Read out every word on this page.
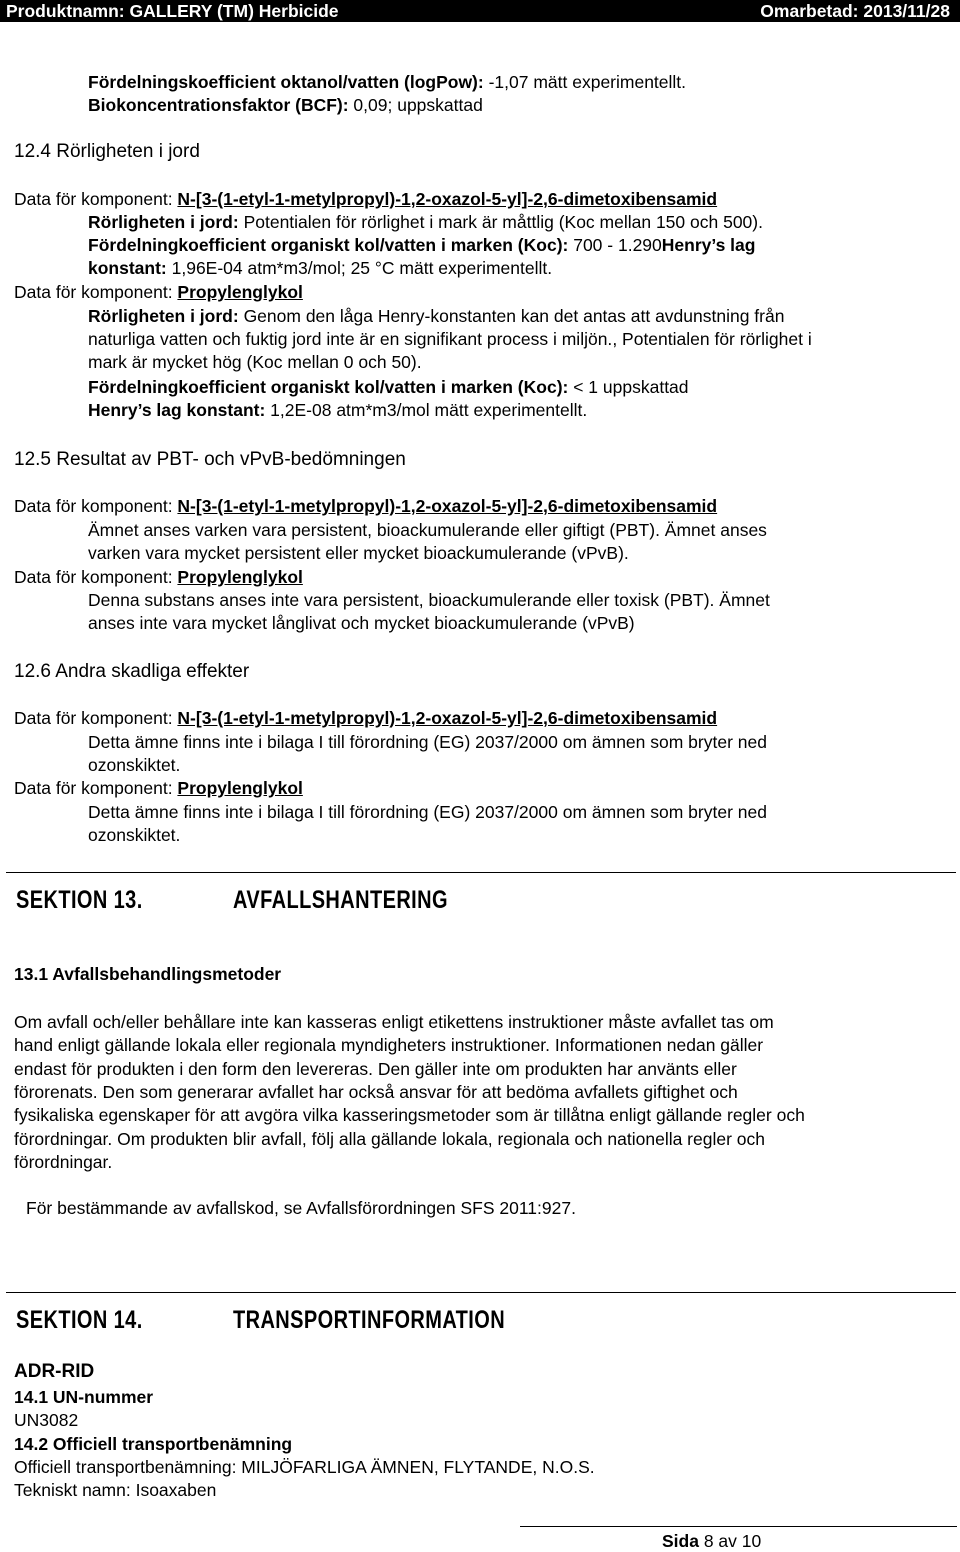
Produktnamn: GALLERY (TM) Herbicide	Omarbetad: 2013/11/28
Fördelningskoefficient oktanol/vatten (logPow): -1,07 mätt experimentellt.
Biokoncentrationsfaktor (BCF): 0,09; uppskattad
12.4 Rörligheten i jord
Data för komponent: N-[3-(1-etyl-1-metylpropyl)-1,2-oxazol-5-yl]-2,6-dimetoxibensamid
Rörligheten i jord: Potentialen för rörlighet i mark är måttlig (Koc mellan 150 och 500).
Fördelningkoefficient organiskt kol/vatten i marken (Koc): 700 - 1.290Henry’s lag
konstant: 1,96E-04 atm*m3/mol; 25 °C mätt experimentellt.
Data för komponent: Propylenglykol
Rörligheten i jord: Genom den låga Henry-konstanten kan det antas att avdunstning från
naturliga vatten och fuktig jord inte är en signifikant process i miljön., Potentialen för rörlighet i
mark är mycket hög (Koc mellan 0 och 50).
Fördelningkoefficient organiskt kol/vatten i marken (Koc): < 1 uppskattad
Henry’s lag konstant: 1,2E-08 atm*m3/mol mätt experimentellt.
12.5 Resultat av PBT- och vPvB-bedömningen
Data för komponent: N-[3-(1-etyl-1-metylpropyl)-1,2-oxazol-5-yl]-2,6-dimetoxibensamid
Ämnet anses varken vara persistent, bioackumulerande eller giftigt (PBT). Ämnet anses
varken vara mycket persistent eller mycket bioackumulerande (vPvB).
Data för komponent: Propylenglykol
Denna substans anses inte vara persistent, bioackumulerande eller toxisk (PBT). Ämnet
anses inte vara mycket långlivat och mycket bioackumulerande (vPvB)
12.6 Andra skadliga effekter
Data för komponent: N-[3-(1-etyl-1-metylpropyl)-1,2-oxazol-5-yl]-2,6-dimetoxibensamid
Detta ämne finns inte i bilaga I till förordning (EG) 2037/2000 om ämnen som bryter ned
ozonskiktet.
Data för komponent: Propylenglykol
Detta ämne finns inte i bilaga I till förordning (EG) 2037/2000 om ämnen som bryter ned
ozonskiktet.
SEKTION 13.	AVFALLSHANTERING
13.1 Avfallsbehandlingsmetoder
Om avfall och/eller behållare inte kan kasseras enligt etikettens instruktioner måste avfallet tas om
hand enligt gällande lokala eller regionala myndigheters instruktioner. Informationen nedan gäller
endast för produkten i den form den levereras. Den gäller inte om produkten har använts eller
förorenats. Den som generarar avfallet har också ansvar för att bedöma avfallets giftighet och
fysikaliska egenskaper för att avgöra vilka kasseringsmetoder som är tillåtna enligt gällande regler och
förordningar. Om produkten blir avfall, följ alla gällande lokala, regionala och nationella regler och
förordningar.
För bestämmande av avfallskod, se Avfallsförordningen SFS 2011:927.
SEKTION 14.	TRANSPORTINFORMATION
ADR-RID
14.1 UN-nummer
UN3082
14.2 Officiell transportbenämning
Officiell transportbenämning: MILJÖFARLIGA ÄMNEN, FLYTANDE, N.O.S.
Tekniskt namn: Isoaxaben
Sida 8 av 10
